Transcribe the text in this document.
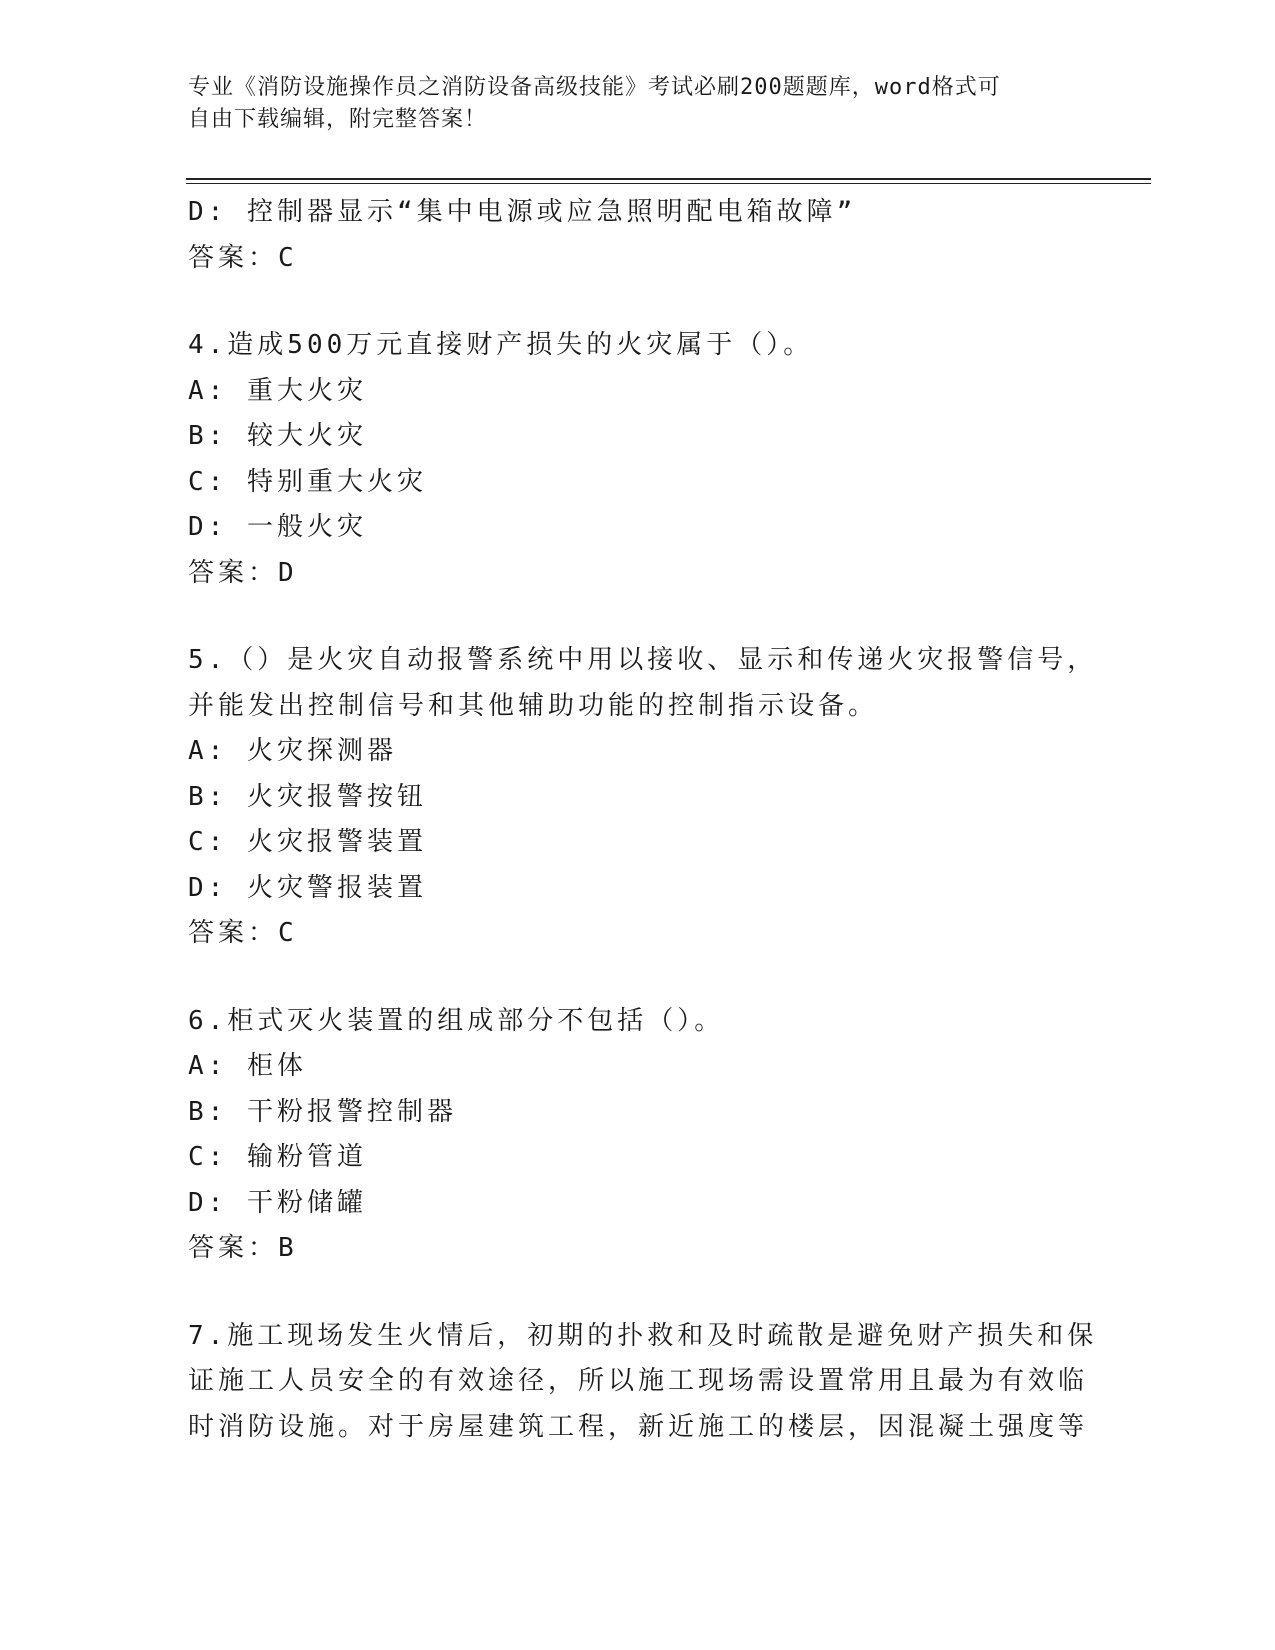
专业《消防设施操作员之消防设备高级技能》考试必刷200题题库，word格式可
自由下载编辑，附完整答案！
D: 控制器显示“集中电源或应急照明配电箱故障”
答案：C
4.造成500万元直接财产损失的火灾属于（）。
A: 重大火灾
B: 较大火灾
C: 特别重大火灾
D: 一般火灾
答案：D
5.（）是火灾自动报警系统中用以接收、显示和传递火灾报警信号，
并能发出控制信号和其他辅助功能的控制指示设备。
A: 火灾探测器
B: 火灾报警按钮
C: 火灾报警装置
D: 火灾警报装置
答案：C
6.柜式灭火装置的组成部分不包括（）。
A: 柜体
B: 干粉报警控制器
C: 输粉管道
D: 干粉储罐
答案：B
7.施工现场发生火情后，初期的扑救和及时疏散是避免财产损失和保
证施工人员安全的有效途径，所以施工现场需设置常用且最为有效临
时消防设施。对于房屋建筑工程，新近施工的楼层，因混凝土强度等
